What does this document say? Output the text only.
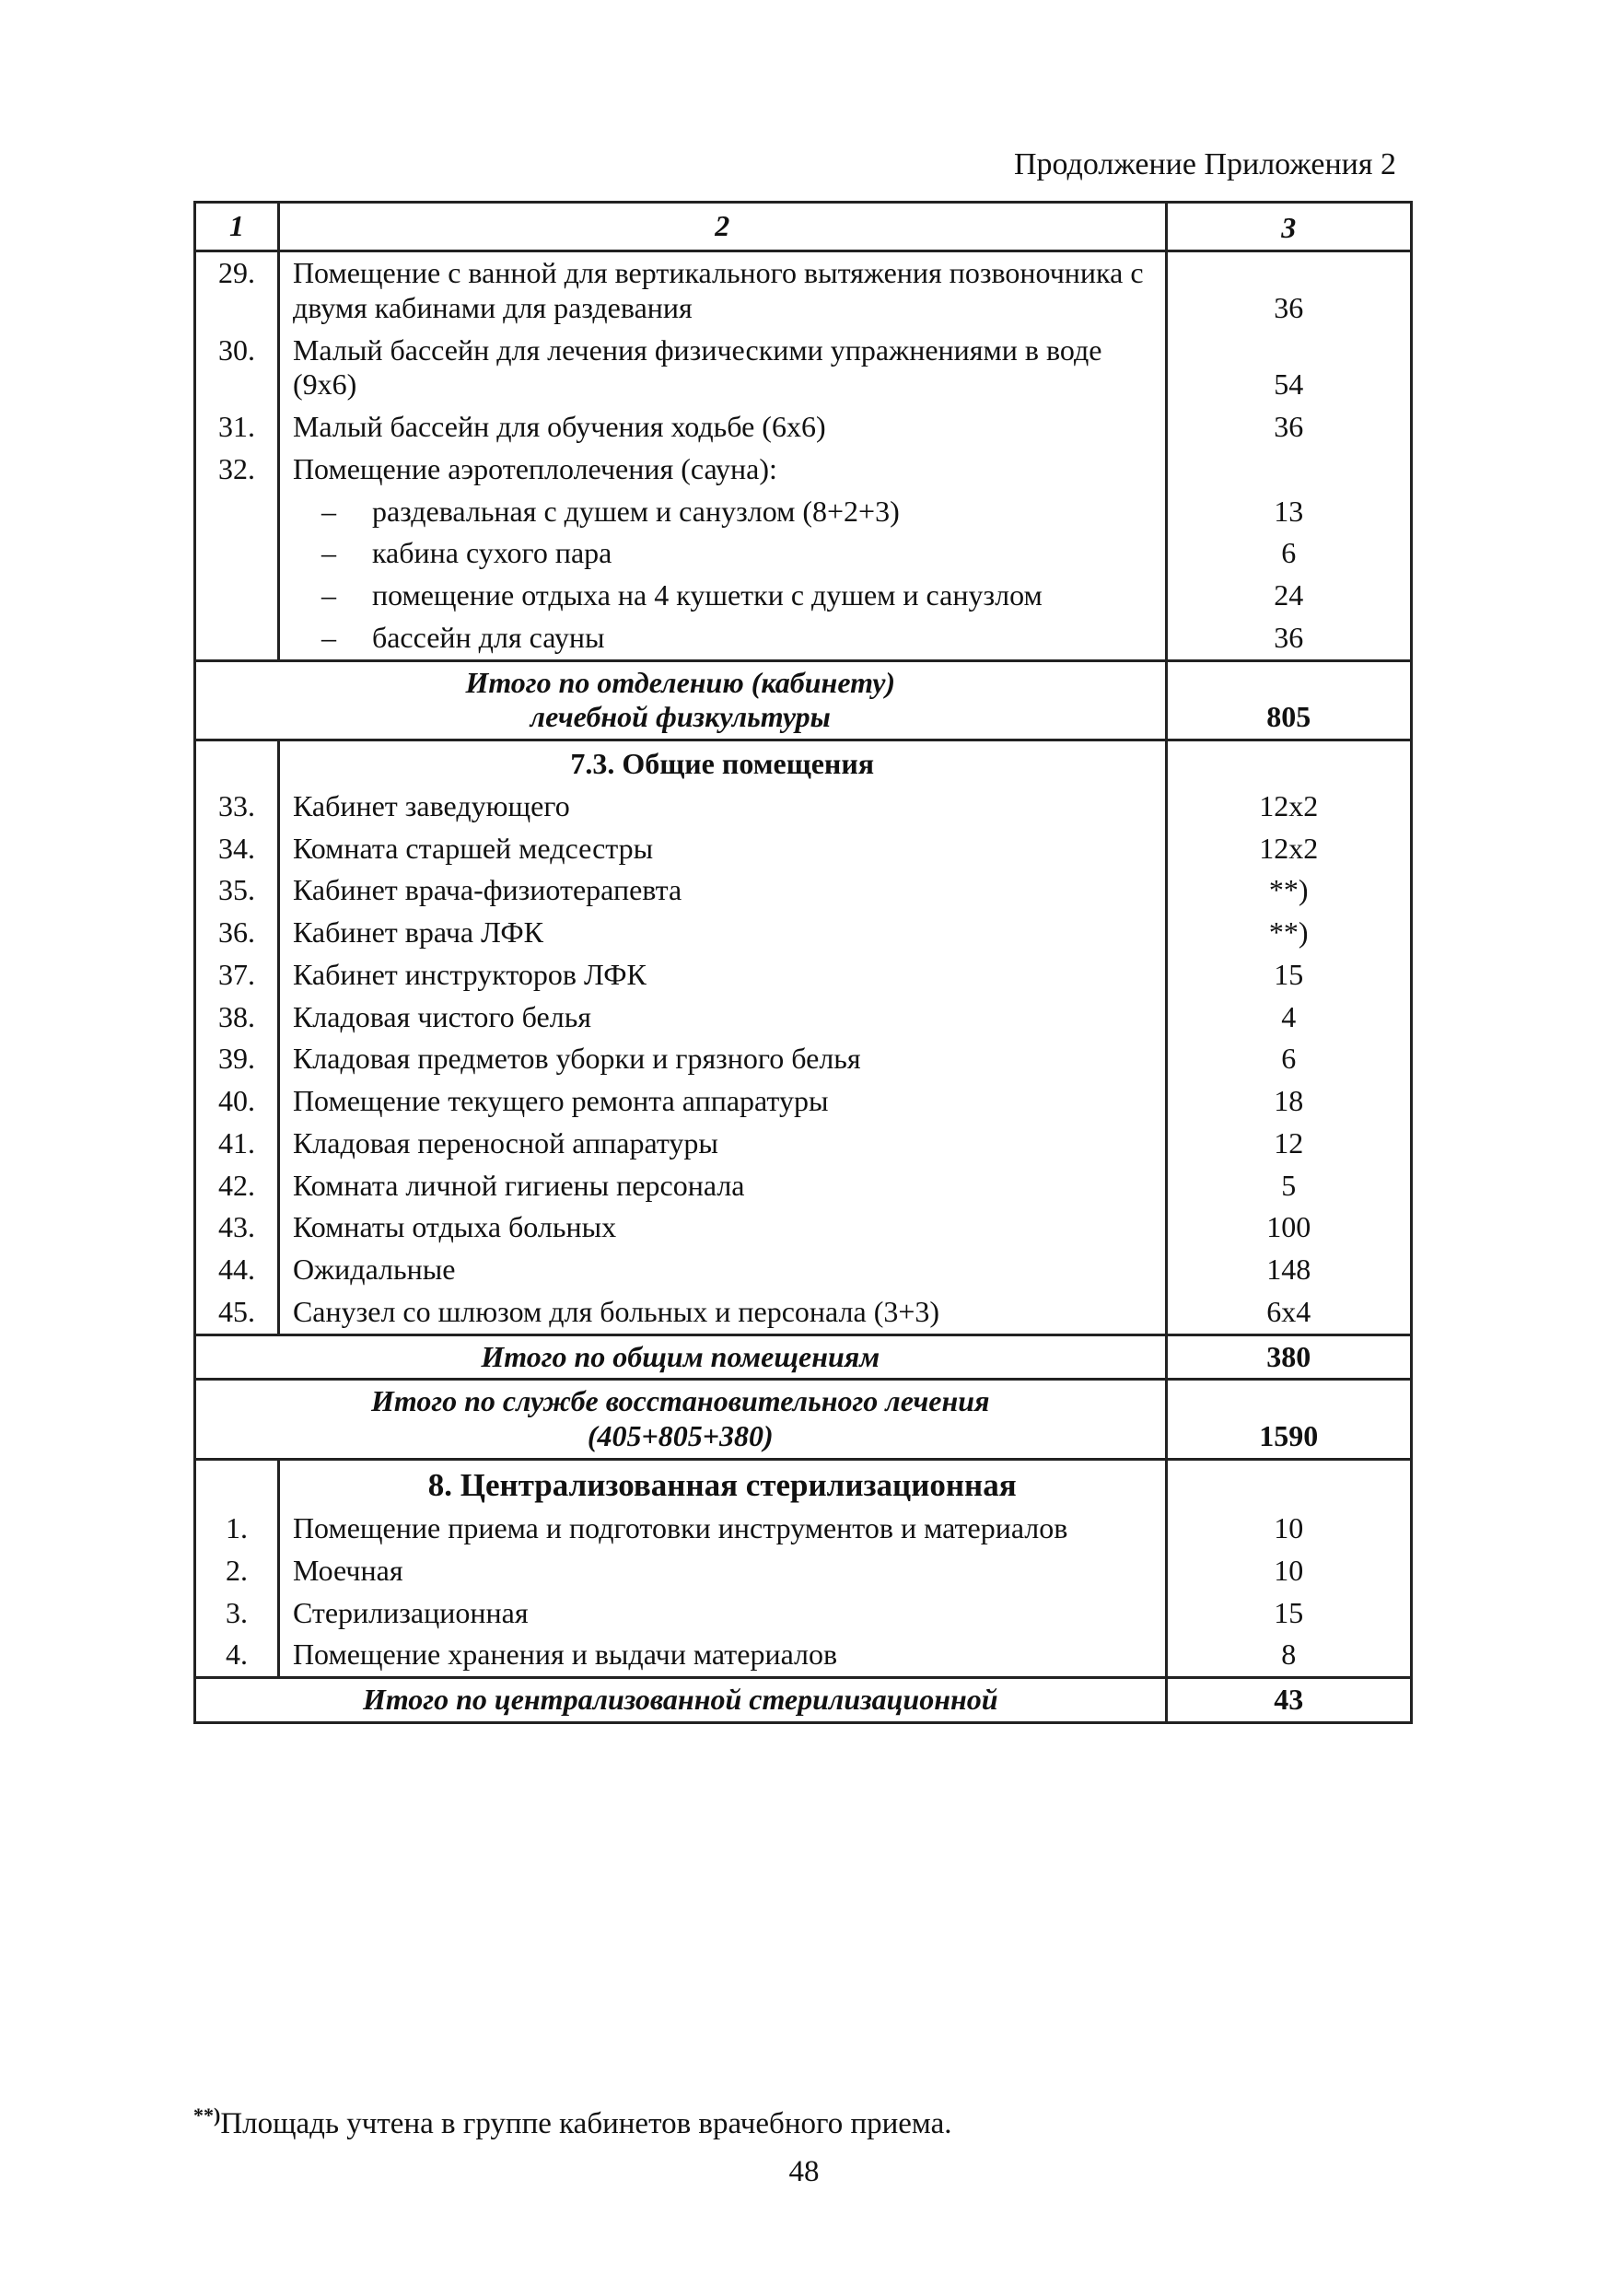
Продолжение Приложения 2
1	2	3
29.	Помещение с ванной для вертикального вытяжения позвоночника с двумя кабинами для раздевания	36
30.	Малый бассейн для лечения физическими упражнениями в воде (9х6)	54
31.	Малый бассейн для обучения ходьбе (6х6)	36
32.	Помещение аэротеплолечения (сауна):	
	– раздевальная с душем и санузлом (8+2+3)	13
	– кабина сухого пара	6
	– помещение отдыха на 4 кушетки с душем и санузлом	24
	– бассейн для сауны	36

Итого по отделению (кабинету)
лечебной физкультуры		805
	7.3. Общие помещения	
33.	Кабинет заведующего	12х2
34.	Комната старшей медсестры	12х2
35.	Кабинет врача-физиотерапевта	**)
36.	Кабинет врача ЛФК	**)
37.	Кабинет инструкторов ЛФК	15
38.	Кладовая чистого белья	4
39.	Кладовая предметов уборки и грязного белья	6
40.	Помещение текущего ремонта аппаратуры	18
41.	Кладовая переносной аппаратуры	12
42.	Комната личной гигиены персонала	5
43.	Комнаты отдыха больных	100
44.	Ожидальные	148
45.	Санузел со шлюзом для больных и персонала (3+3)	6х4
Итого по общим помещениям		380

Итого по службе восстановительного лечения
(405+805+380)		1590
	8. Централизованная стерилизационная	
1.	Помещение приема и подготовки инструментов и материалов	10
2.	Моечная	10
3.	Стерилизационная	15
4.	Помещение хранения и выдачи материалов	8
Итого по централизованной стерилизационной		43
**)Площадь учтена в группе кабинетов врачебного приема.
48
